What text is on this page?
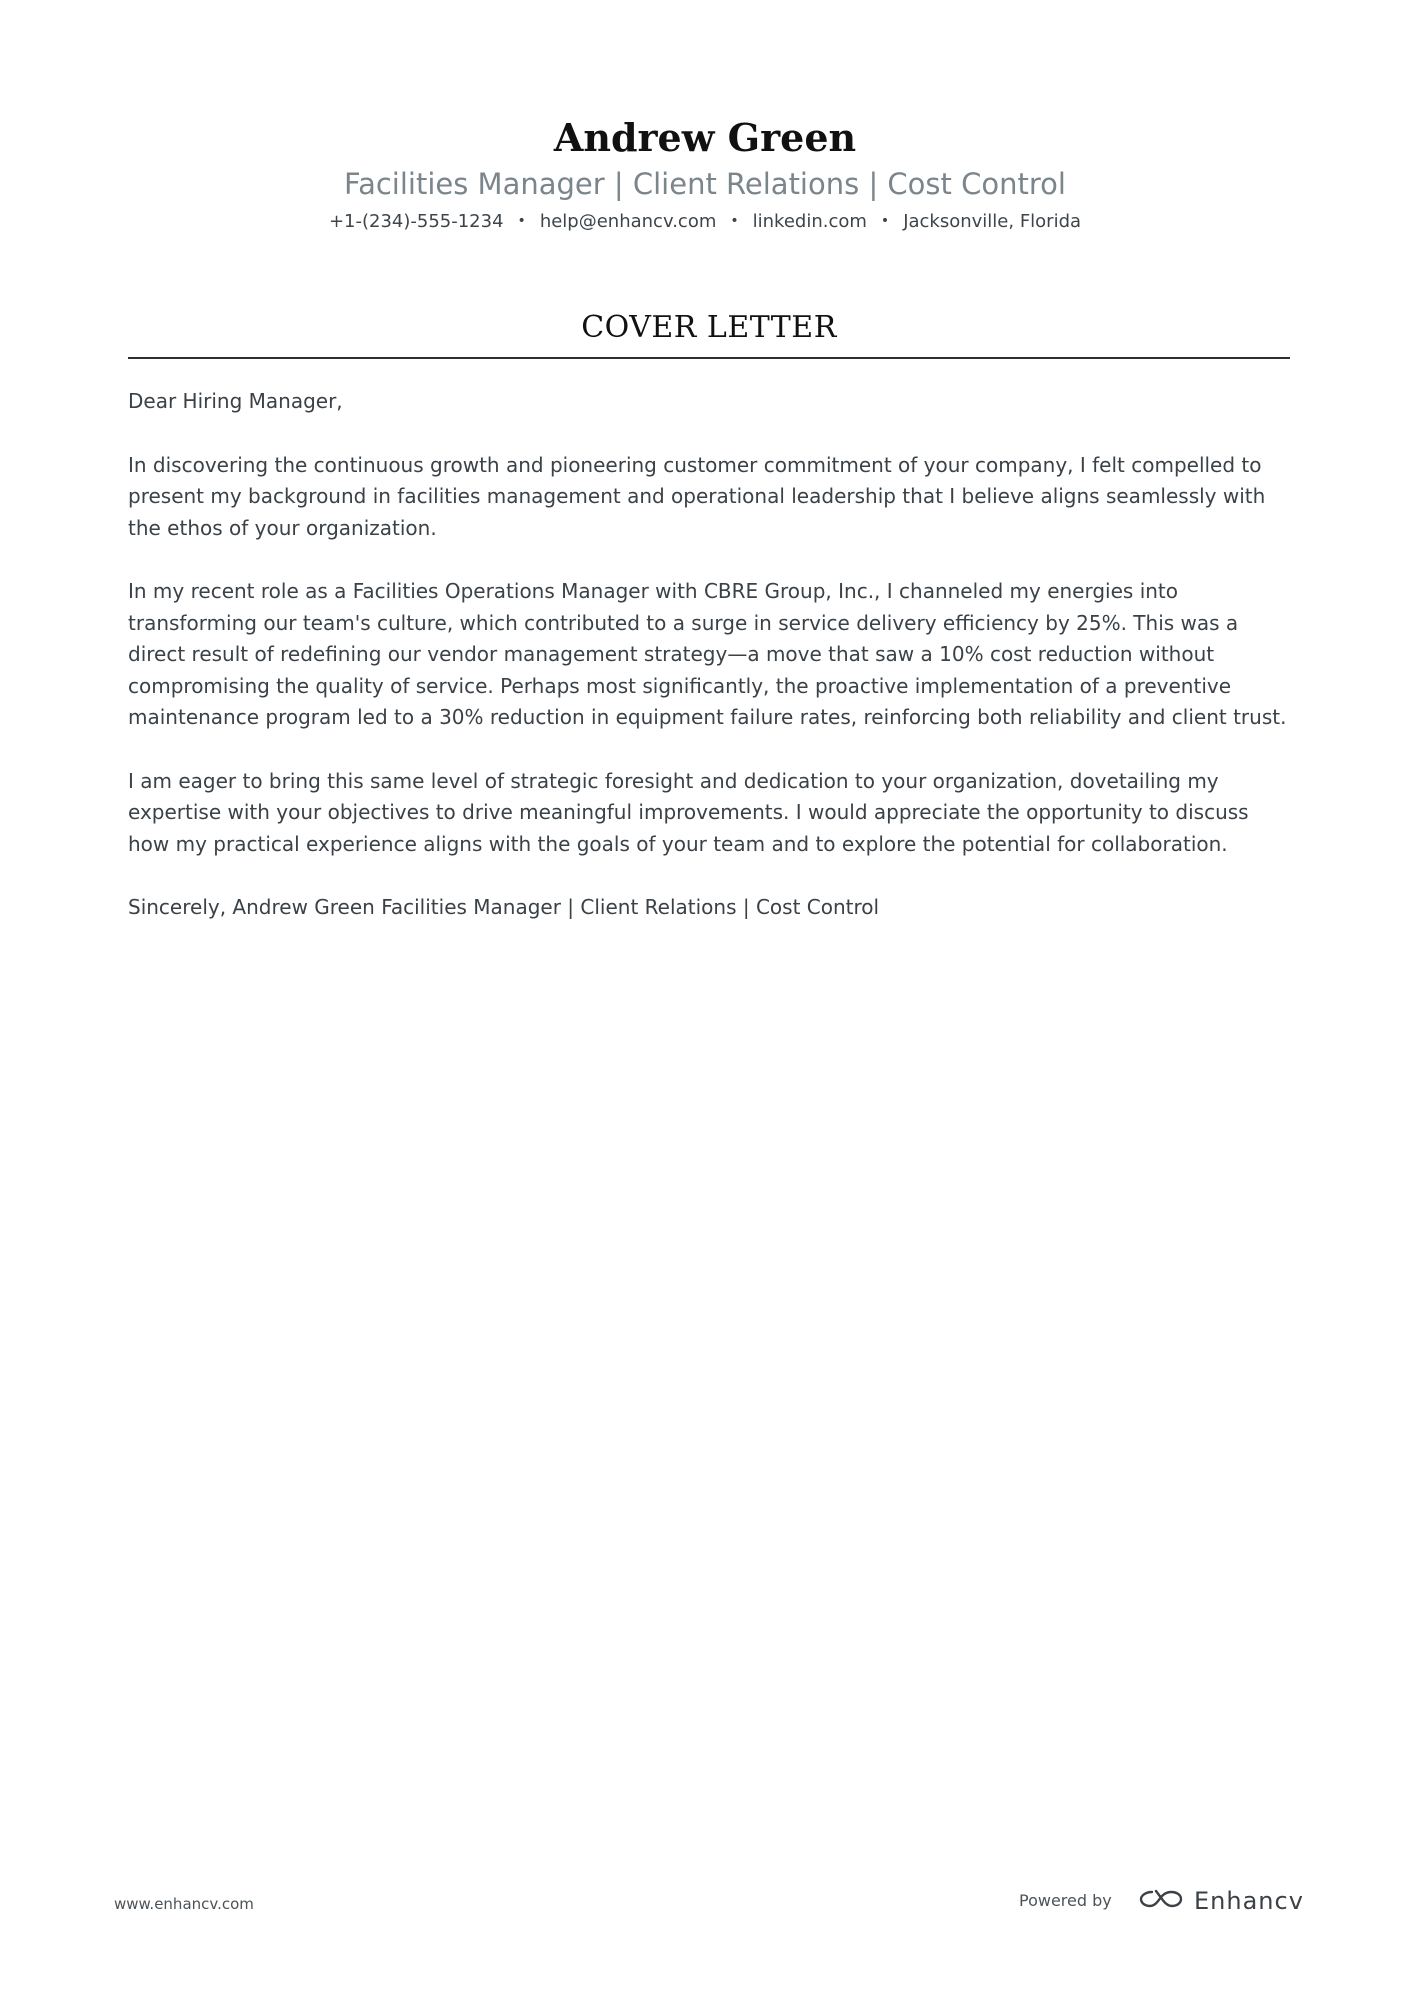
Andrew Green
Facilities Manager | Client Relations | Cost Control
+1-(234)-555-1234 • help@enhancv.com • linkedin.com • Jacksonville, Florida
COVER LETTER

Dear Hiring Manager,

In discovering the continuous growth and pioneering customer commitment of your company, I felt compelled to present my background in facilities management and operational leadership that I believe aligns seamlessly with the ethos of your organization.

In my recent role as a Facilities Operations Manager with CBRE Group, Inc., I channeled my energies into transforming our team's culture, which contributed to a surge in service delivery efficiency by 25%. This was a direct result of redefining our vendor management strategy—a move that saw a 10% cost reduction without compromising the quality of service. Perhaps most significantly, the proactive implementation of a preventive maintenance program led to a 30% reduction in equipment failure rates, reinforcing both reliability and client trust.

I am eager to bring this same level of strategic foresight and dedication to your organization, dovetailing my expertise with your objectives to drive meaningful improvements. I would appreciate the opportunity to discuss how my practical experience aligns with the goals of your team and to explore the potential for collaboration.

Sincerely, Andrew Green Facilities Manager | Client Relations | Cost Control

www.enhancv.com	Powered by	Enhancv
